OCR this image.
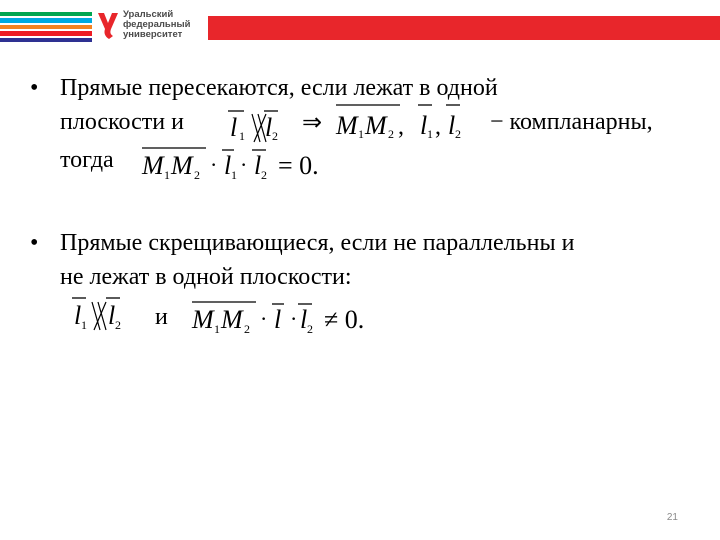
Уральский
федеральный
университет
• Прямые пересекаются, если лежат в одной
плоскости и l 1 l 2 ⇒ M 1 M 2 , l 1 , l 2 − компланарны,
тогда M 1 M 2 · l 1 · l 2 = 0.
• Прямые скрещивающиеся, если не параллельны и
не лежат в одной плоскости:
l 1 l 2 и M 1 M 2 · l · l 2 ≠ 0.
21
